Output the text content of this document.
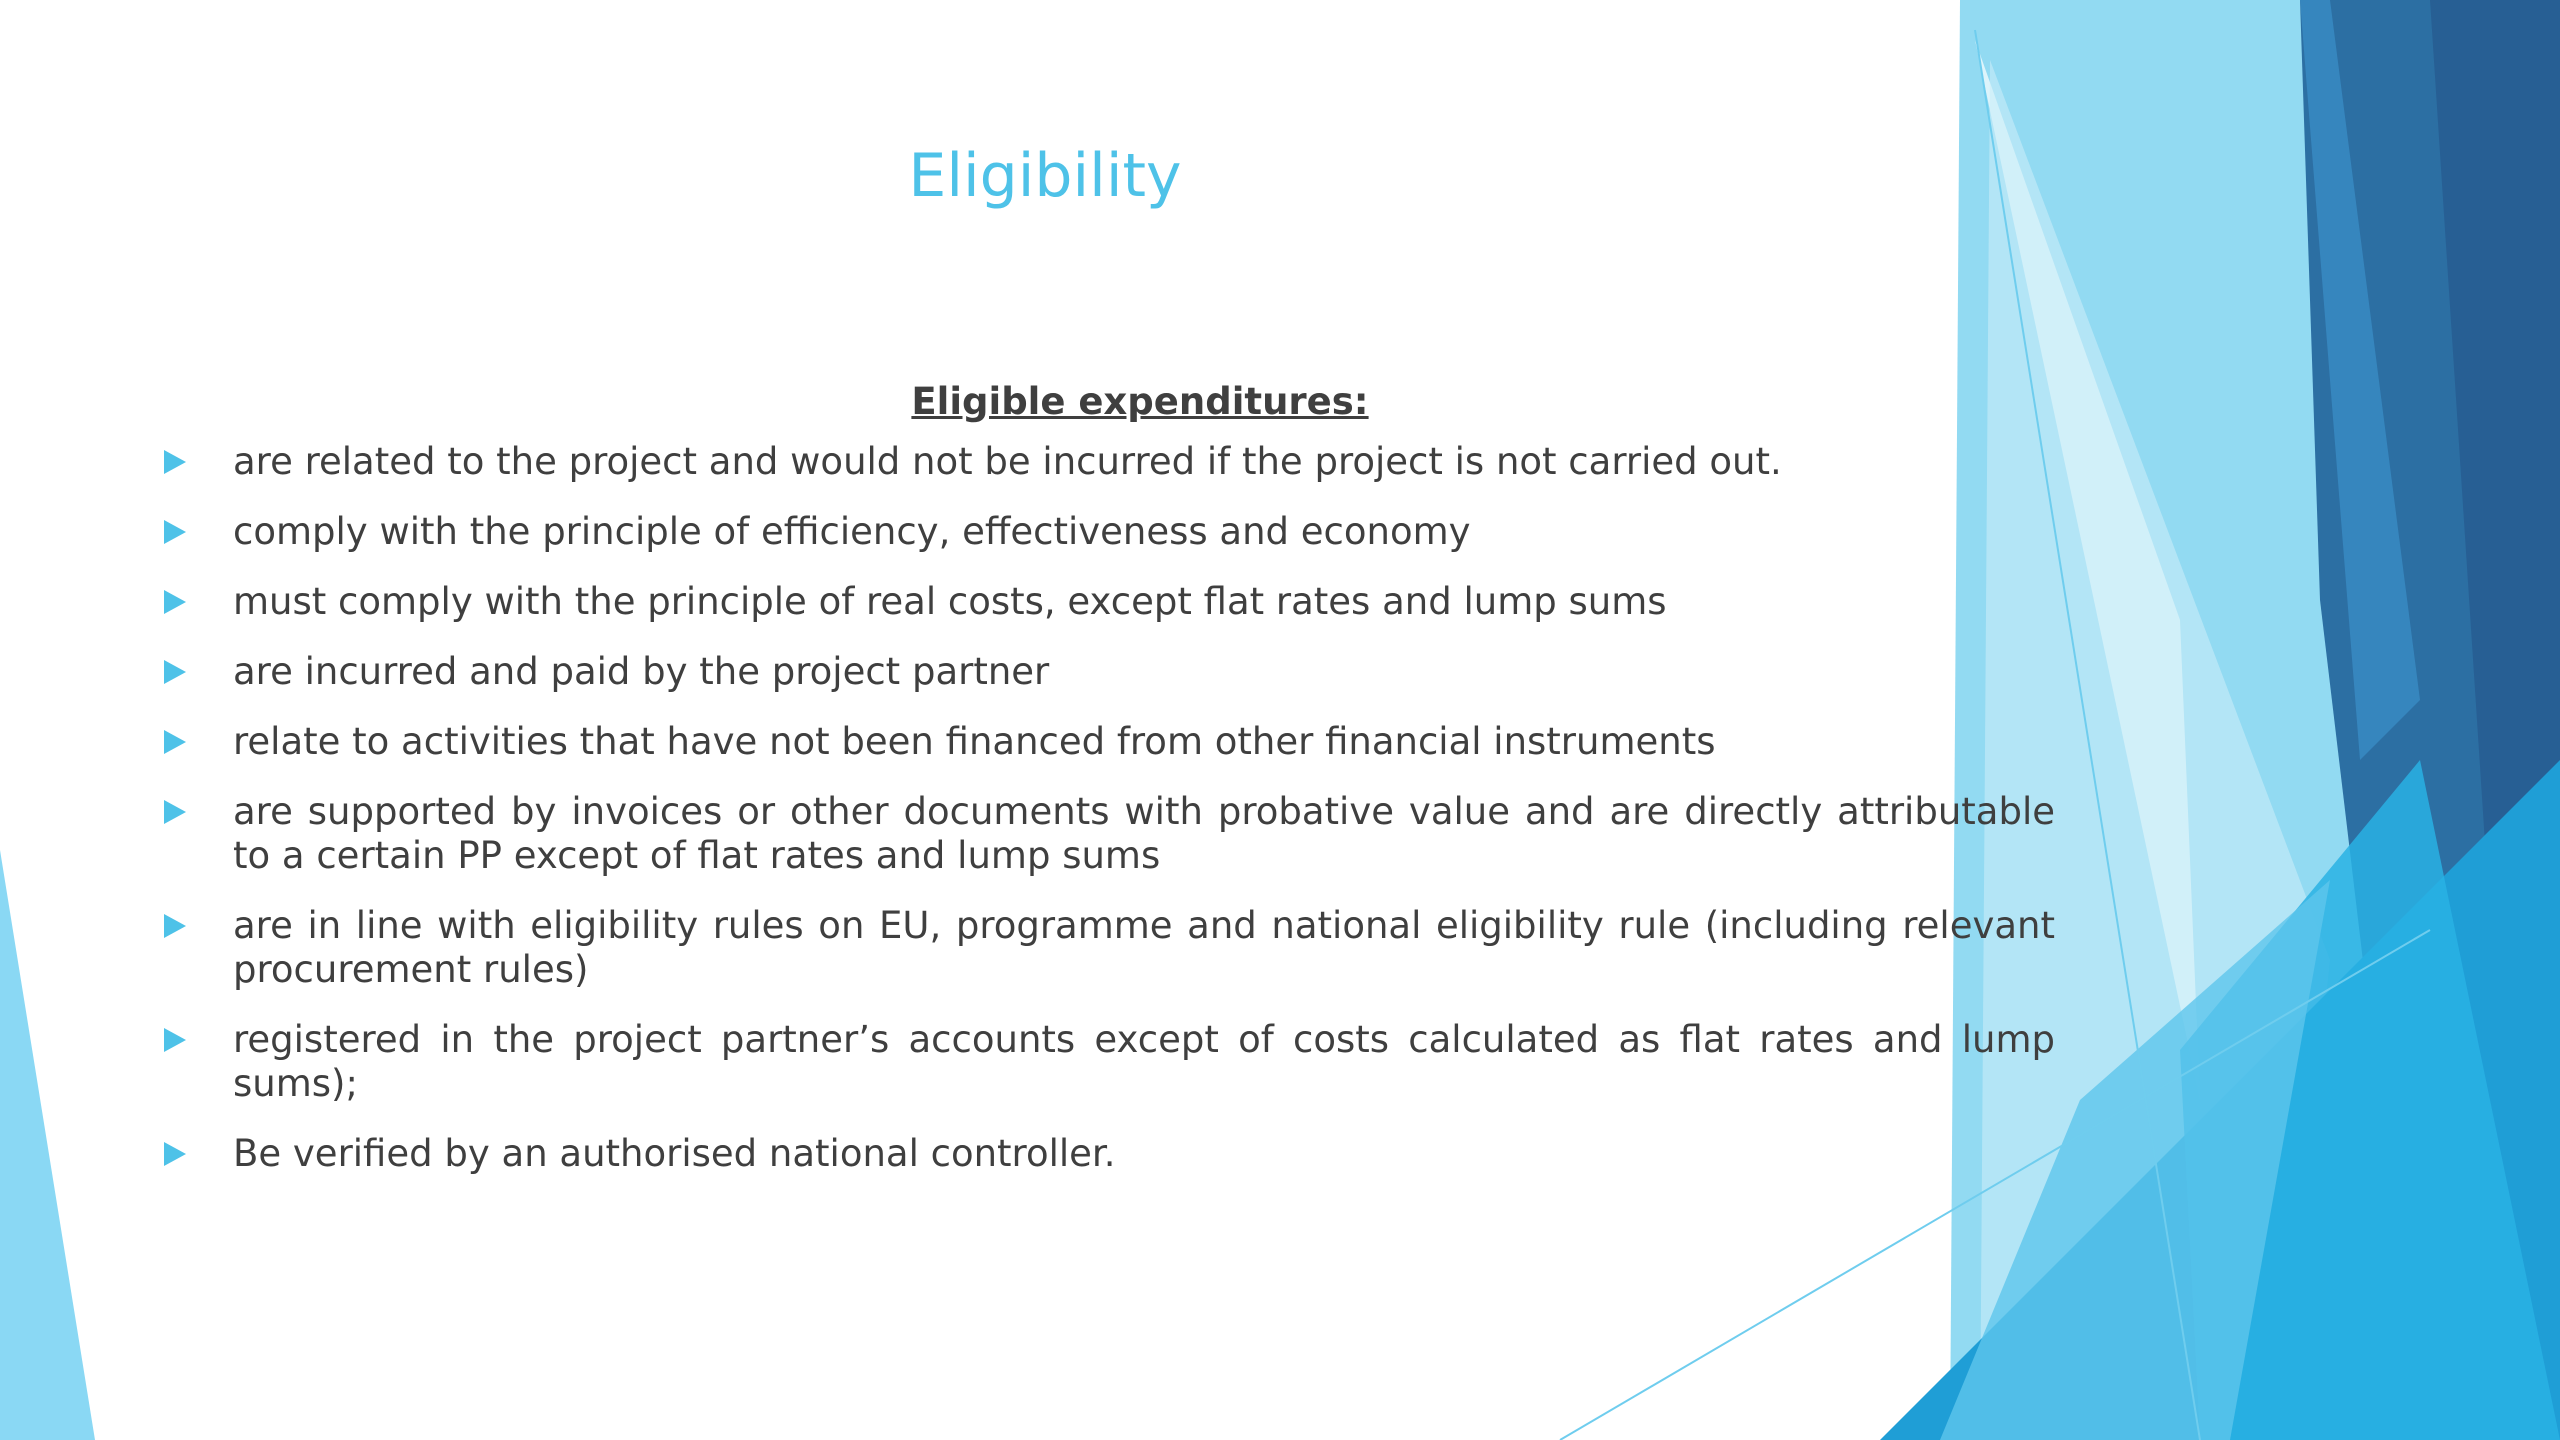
Eligibility
Eligible expenditures:
are related to the project and would not be incurred if the project is not carried out.
comply with the principle of efficiency, effectiveness and economy
must comply with the principle of real costs, except flat rates and lump sums
are incurred and paid by the project partner
relate to activities that have not been financed from other financial instruments
are supported by invoices or other documents with probative value and are directly attributable to a certain PP except of flat rates and lump sums
are in line with eligibility rules on EU, programme and national eligibility rule (including relevant procurement rules)
registered in the project partner’s accounts except of costs calculated as flat rates and lump sums);
Be verified by an authorised national controller.
